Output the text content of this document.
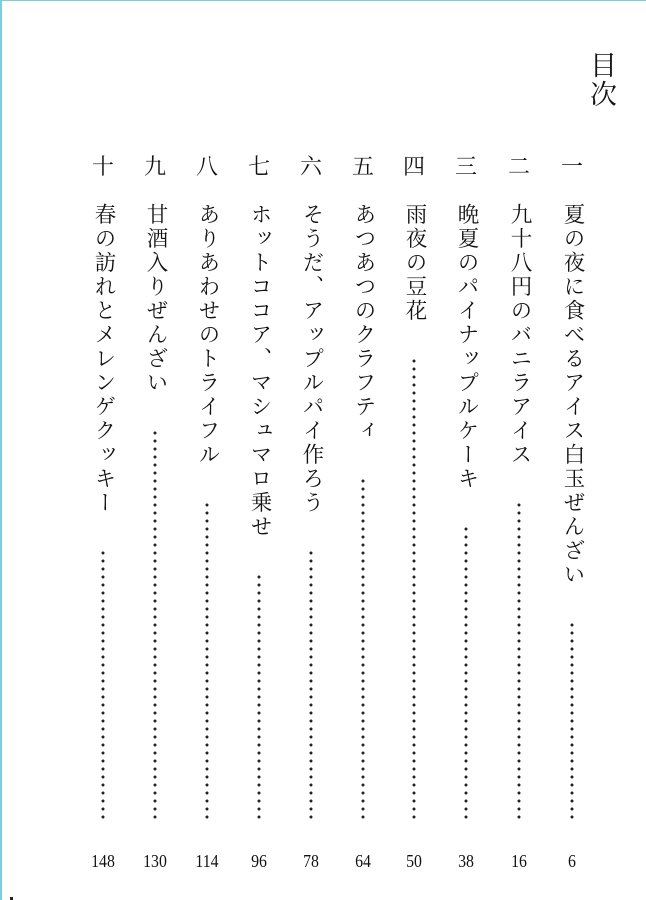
目次
一
夏の夜に食べるアイス白玉ぜんざい
6
二
九十八円のバニラアイス
16
三
晩夏のパイナップルケーキ
38
四
雨夜の豆花
50
五
あつあつのクラフティ
64
六
そうだ、アップルパイ作ろう
78
七
ホットココア、マシュマロ乗せ
96
八
ありあわせのトライフル
114
九
甘酒入りぜんざい
130
十
春の訪れとメレンゲクッキー
148
